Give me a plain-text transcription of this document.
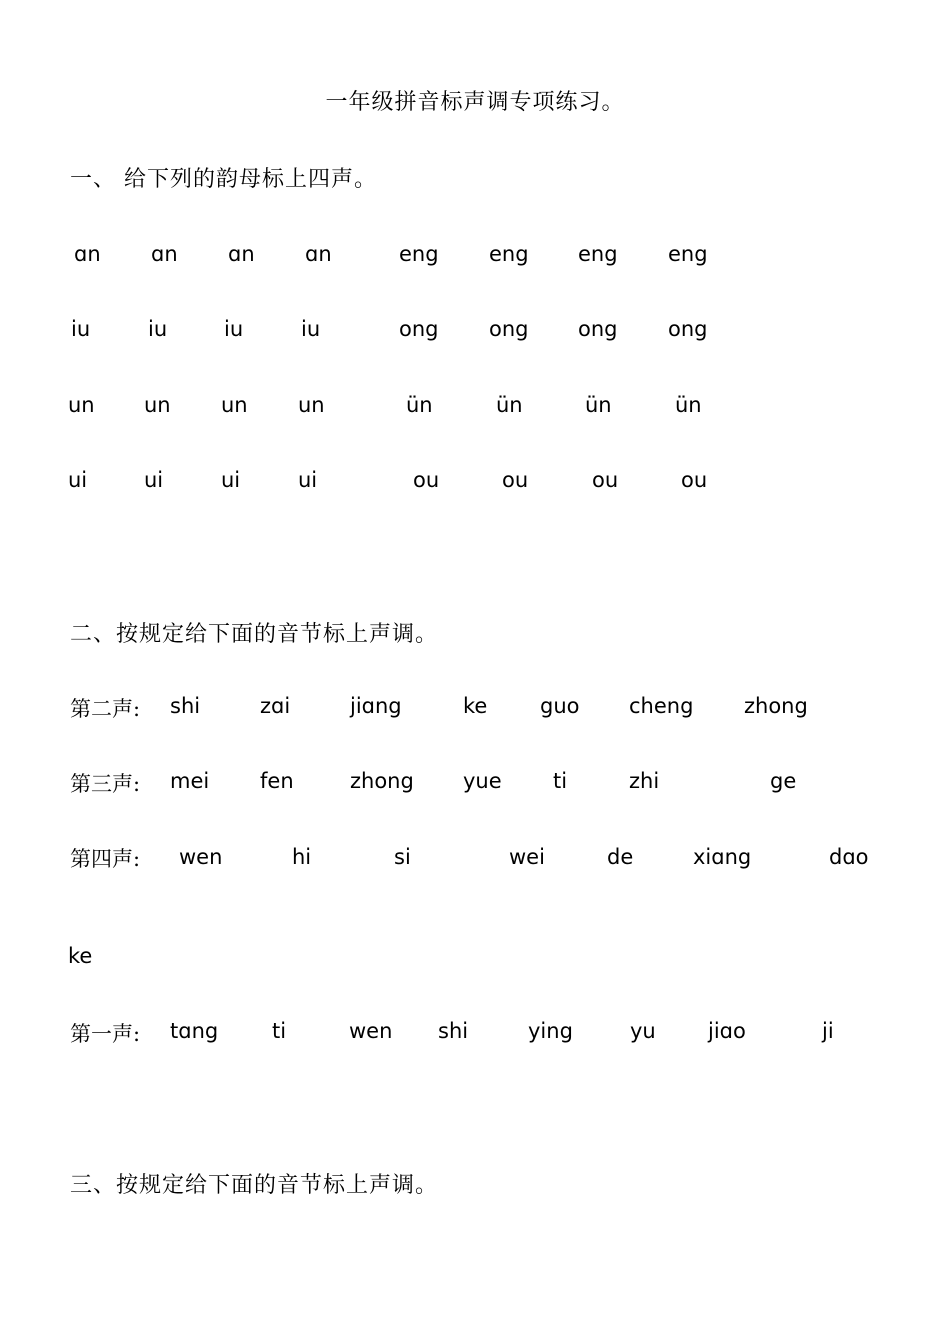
一年级拼音标声调专项练习。
一、 给下列的韵母标上四声。
ɑn ɑn ɑn ɑn	eng eng eng eng
iu	iu	iu	iu	ong ong ong ong
un un un un	ün	ün	ün	ün
ui	ui	ui	ui	ou	ou	ou	ou
二、按规定给下面的音节标上声调。
第二声: shi	zɑi	jiɑng	ke	guo cheng zhong
第三声: mei fen	zhong yue ti	zhi	ge
第四声: wen	hi	si	wei	de	xiɑng	dɑo
ke
第一声: tɑng	ti	wen shi	ying	yu jiɑo	ji
三、按规定给下面的音节标上声调。
